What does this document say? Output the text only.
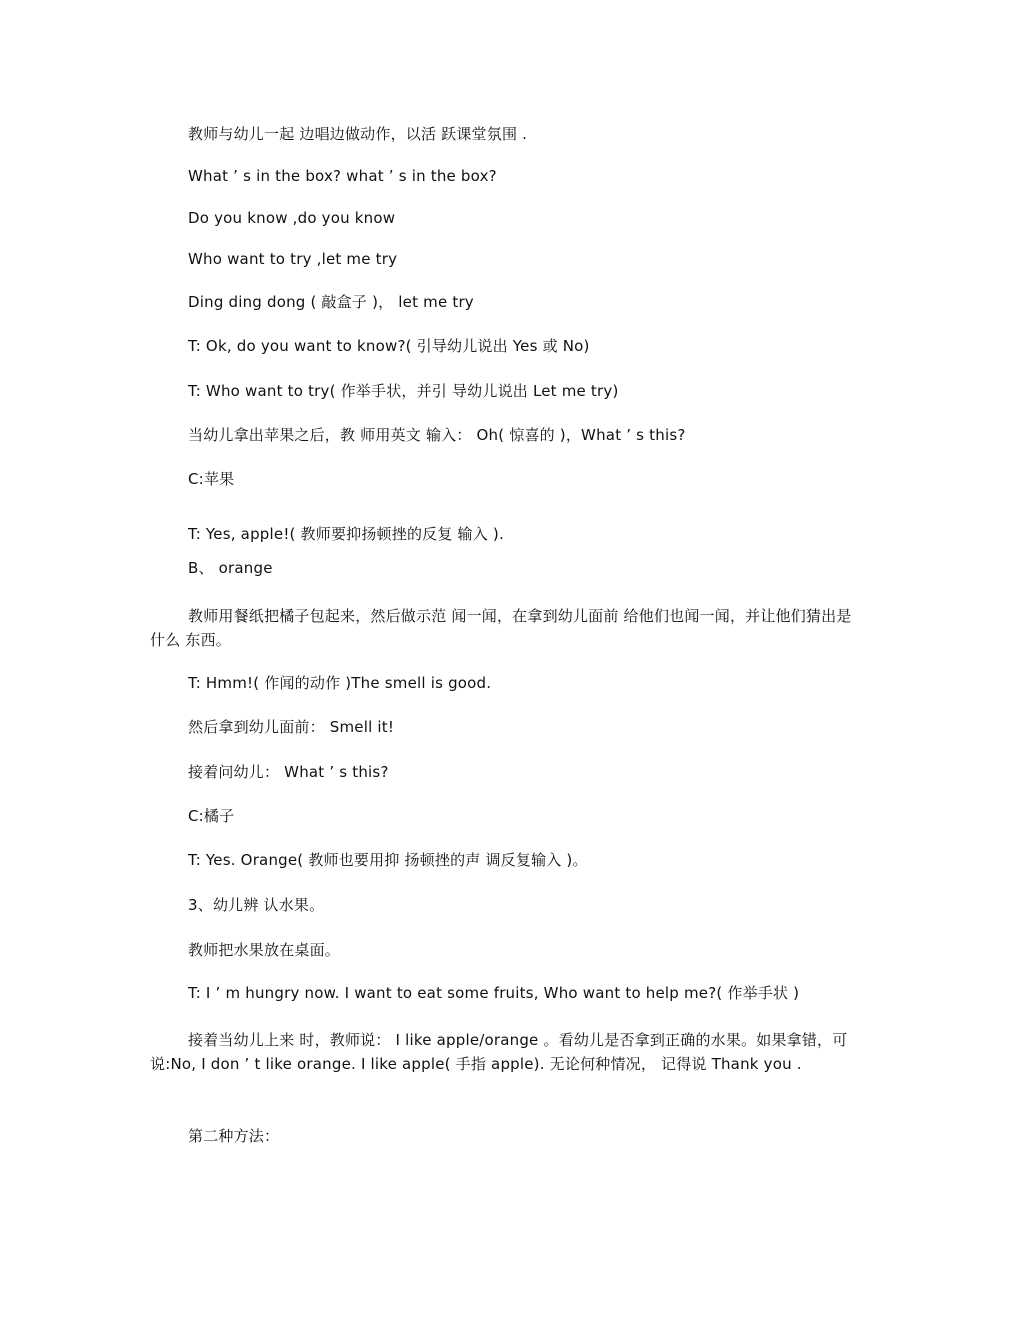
教师与幼儿一起 边唱边做动作，以活 跃课堂氛围 .
What ’ s in the box? what ’ s in the box?
Do you know ,do you know
Who want to try ,let me try
Ding ding dong ( 敲盒子 )， let me try
T: Ok, do you want to know?( 引导幼儿说出 Yes 或 No)
T: Who want to try( 作举手状，并引 导幼儿说出 Let me try)
当幼儿拿出苹果之后，教 师用英文 输入： Oh( 惊喜的 )，What ’ s this?
C:苹果
T: Yes, apple!( 教师要抑扬顿挫的反复 输入 ).
B、 orange

教师用餐纸把橘子包起来，然后做示范 闻一闻，在拿到幼儿面前 给他们也闻一闻，并让他们猜出是什么 东西。

T: Hmm!( 作闻的动作 )The smell is good.
然后拿到幼儿面前： Smell it!
接着问幼儿： What ’ s this?
C:橘子
T: Yes. Orange( 教师也要用抑 扬顿挫的声 调反复输入 )。
3、幼儿辨 认水果。
教师把水果放在桌面。
T: I ’ m hungry now. I want to eat some fruits, Who want to help me?( 作举手状 )

接着当幼儿上来 时，教师说： I like apple/orange 。看幼儿是否拿到正确的水果。如果拿错，可说:No, I don ’ t like orange. I like apple( 手指 apple). 无论何种情况， 记得说 Thank you .

第二种方法：
